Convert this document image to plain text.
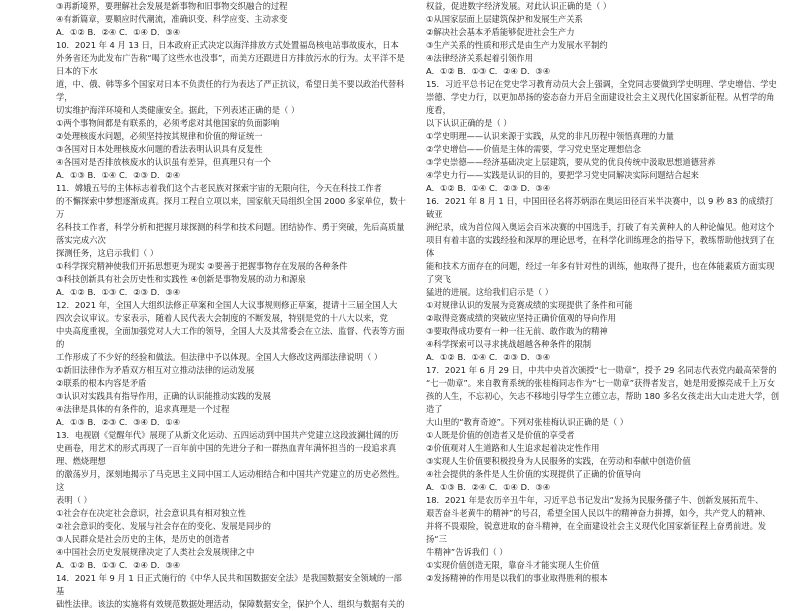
③再新境界，要理解社会发展是新事物和旧事物交织融合的过程

④有新篇章，要顺应时代潮流，准确识变、科学应变、主动求变

A．①② B．②④ C．①④ D．③④

10．2021 年 4 月 13 日，日本政府正式决定以海洋排放方式处置福岛核电站事故废水，日本

外务省还为此发布广告称“喝了这些水也没事”，而美方还跟进日方排放污水的行为。太平洋不是日本的下水

道，中、俄、韩等多个国家对日本不负责任的行为表达了严正抗议，希望日美不要以政治代替科学，

切实维护海洋环境和人类健康安全。据此，下列表述正确的是（ ）

①两个事物间都是有联系的，必须考虑对其他国家的负面影响

②处理核废水问题，必须坚持按其规律和价值的辩证统一

③各国对日本处理核废水问题的看法表明认识具有反复性

④各国对是否排放核废水的认识虽有差异，但真理只有一个

A．①③ B．①④ C．②③ D．②④

11．嫦娥五号的主体标志着我们这个古老民族对探索宇宙的无限向往，今天在科技工作者

的不懈探索中梦想逐渐成真。探月工程自立项以来，国家航天局组织全国 2000 多家单位，数十万

名科技工作者，科学分析和把握月球探测的科学和技术问题。团结协作、勇于突破，先后高质量落实完成六次

探测任务，这启示我们（ ）

①科学探究精神使我们开拓思想更为现实 ②要善于把握事物存在发展的各种条件

③科技创新具有社会历史性和实践性 ④创新是事物发展的动力和源泉

A．①② B．①③ C．②③ D．③④

12．2021 年，全国人大组织法修正草案和全国人大议事规则修正草案，提请十三届全国人大

四次会议审议。专家表示，随着人民代表大会制度的不断发展，特别是党的十八大以来，党

中央高度重视，全面加强党对人大工作的领导，全国人大及其常委会在立法、监督、代表等方面的

工作形成了不少好的经验和做法。但法律中予以体现。全国人大修改这两部法律说明（ ）

①新旧法律作为矛盾双方相互对立推动法律的运动发展

②联系的根本内容是矛盾

③认识对实践具有指导作用，正确的认识能推动实践的发展

④法律是具体的有条件的，追求真理是一个过程

A．①③ B．②③ C．③④ D．①④

13．电视剧《觉醒年代》展现了从新文化运动、五四运动到中国共产党建立这段波澜壮阔的历

史画卷，用艺术的形式再现了一百年前中国的先进分子和一群热血青年满怀担当的一段追求真理、燃烧理想

的激荡岁月，深刻地揭示了马克思主义同中国工人运动相结合和中国共产党建立的历史必然性。这

表明（ ）

①社会存在决定社会意识，社会意识具有相对独立性

②社会意识的变化、发展与社会存在的变化、发展是同步的

③人民群众是社会历史的主体，是历史的创造者

④中国社会历史发展规律决定了人类社会发展规律之中

A．①② B．①③ C．②④ D．③④

14．2021 年 9 月 1 日正式施行的《中华人民共和国数据安全法》是我国数据安全领域的一部基

础性法律。该法的实施将有效规范数据处理活动，保障数据安全，保护个人、组织与数据有关的

权益，促进数字经济发展。对此认识正确的是（ ）

①从国家层面上层建筑保护和发展生产关系

②解决社会基本矛盾能够促进社会生产力

③生产关系的性质和形式是由生产力发展水平制约

④法律经济关系起着引领作用

A．①② B．①③ C．②④ D．③④

15．习近平总书记在党史学习教育动员大会上强调，全党同志要做到学史明理、学史增信、学史

崇德、学史力行，以更加昂扬的姿态奋力开启全面建设社会主义现代化国家新征程。从哲学的角度看，

以下认识正确的是（ ）

①学史明理——认识来源于实践，从党的非凡历程中领悟真理的力量

②学史增信——价值是主体的需要，学习党史坚定理想信念

③学史崇德——经济基础决定上层建筑，要从党的优良传统中汲取思想道德营养

④学史力行——实践是认识的目的，要把学习党史同解决实际问题结合起来

A．①② B．①④ C．②③ D．③④

16．2021 年 8 月 1 日，中国田径名将苏炳添在奥运田径百米半决赛中，以 9 秒 83 的成绩打破亚

洲纪录，成为首位闯入奥运会百米决赛的中国选手，打破了有关黄种人的人种论偏见。他对这个

项目有着丰富的实践经验和深厚的理论思考，在科学化训练理念的指导下，教练帮助他找到了在体

能和技术方面存在的问题，经过一年多有针对性的训练，他取得了提升，也在体能素质方面实现了突飞

猛进的进展。这给我们启示是（ ）

①对规律认识的发展为竞赛成绩的实现提供了条件和可能

②取得竞赛成绩的突破应坚持正确价值观的导向作用

③要取得成功要有一种一往无前、敢作敢为的精神

④科学探索可以寻求挑战超越各种条件的限制

A．①② B．①④ C．②③ D．③④

17．2021 年 6 月 29 日，中共中央首次颁授“七一勋章”，授予 29 名同志代表党内最高荣誉的

“七一勋章”。来自教育系统的张桂梅同志作为“七一勋章”获得者发言，她是用爱擦亮成千上万女

孩的人生，不忘初心，矢志不移地引导学生立德立志，帮助 180 多名女孩走出大山走进大学，创造了

大山里的“教育奇迹”。下列对张桂梅认识正确的是（ ）

①人既是价值的创造者又是价值的享受者

②价值观对人生道路和人生追求起着决定性作用

③实现人生价值要积极投身为人民服务的实践，在劳动和奉献中创造价值

④社会提供的条件是人生价值的实现提供了正确的价值导向

A．①③ B．②④ C．①④ D．③④

18．2021 年是农历辛丑牛年，习近平总书记发出“发扬为民服务孺子牛、创新发展拓荒牛、

艰苦奋斗老黄牛的精神”的号召，希望全国人民以牛的精神奋力拼搏，如今，共产党人的精神、

并将不畏艰险，锐意进取的奋斗精神，在全面建设社会主义现代化国家新征程上奋勇前进。发扬“三

牛精神”告诉我们（ ）

①实现价值创造无限，靠奋斗才能实现人生价值

②发扬精神的作用是以我们的事业取得胜利的根本
